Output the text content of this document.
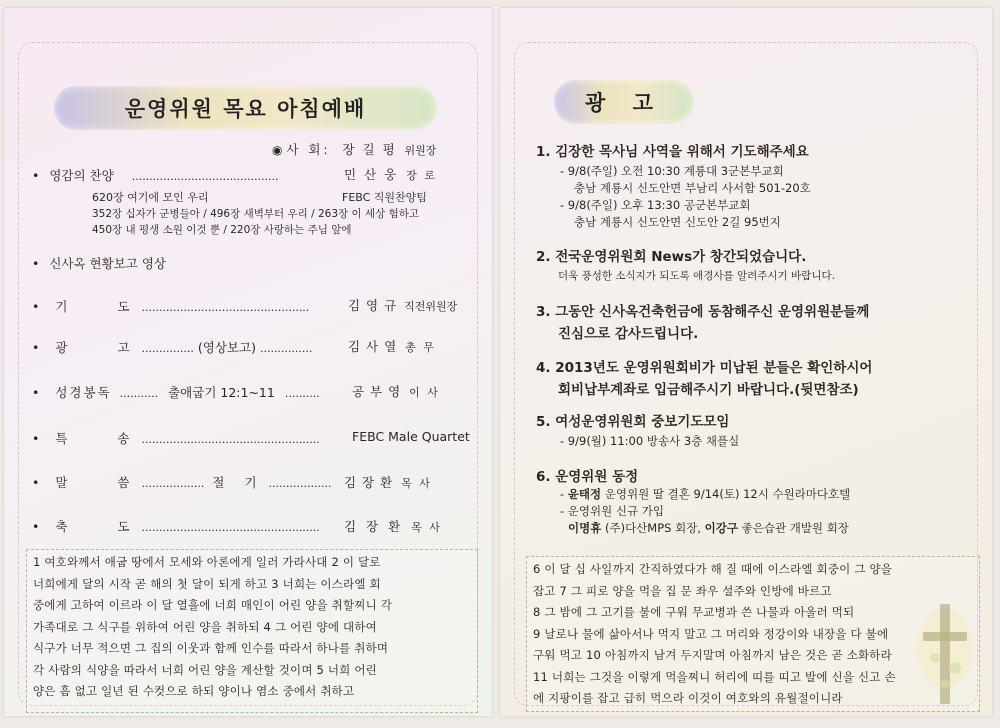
운영위원 목요 아침예배
◉ 사 회: 장 길 평 위원장
• 영감의 찬양 ..........................................	민 산 웅 장 로
620장 여기에 모인 우리	FEBC 직원찬양팀
352장 십자가 군병들아 / 496장 새벽부터 우리 / 263장 이 세상 험하고
450장 내 평생 소원 이것 뿐 / 220장 사랑하는 주님 앞에
• 신사옥 현황보고 영상
• 기 도 ................................................	김 영 규 직전위원장
• 광 고 ............... (영상보고) ...............	김 사 열 총 무
• 성경봉독 ........... 출애굽기 12:1~11 ..........	공 부 영 이 사
• 특 송 ...................................................	FEBC Male Quartet
• 말 씀 .................. 절 기 .................. 김 장 환 목 사
• 축 도 ................................................... 김 장 환 목 사

1 여호와께서 애굽 땅에서 모세와 아론에게 일러 가라사대 2 이 달로

너희에게 달의 시작 곧 해의 첫 달이 되게 하고 3 너희는 이스라엘 회

중에게 고하여 이르라 이 달 열흘에 너희 매인이 어린 양을 취할찌니 각

가족대로 그 식구를 위하여 어린 양을 취하되 4 그 어린 양에 대하여

식구가 너무 적으면 그 집의 이웃과 함께 인수를 따라서 하나를 취하며

각 사람의 식양을 따라서 너희 어린 양을 계산할 것이며 5 너희 어린

양은 흠 없고 일년 된 수컷으로 하되 양이나 염소 중에서 취하고

광 고
1. 김장한 목사님 사역을 위해서 기도해주세요
- 9/8(주일) 오전 10:30 계룡대 3군본부교회
충남 계룡시 신도안면 부남리 사서함 501-20호
- 9/8(주일) 오후 13:30 공군본부교회
충남 계룡시 신도안면 신도안 2길 95번지
2. 전국운영위원회 News가 창간되었습니다.
더욱 풍성한 소식지가 되도록 애경사를 알려주시기 바랍니다.
3. 그동안 신사옥건축헌금에 동참해주신 운영위원분들께
진심으로 감사드립니다.
4. 2013년도 운영위원회비가 미납된 분들은 확인하시어
회비납부계좌로 입금해주시기 바랍니다.(뒷면참조)
5. 여성운영위원회 중보기도모임
- 9/9(월) 11:00 방송사 3층 채플실
6. 운영위원 동정
- 윤태정 운영위원 딸 결혼 9/14(토) 12시 수원라마다호텔
- 운영위원 신규 가입
이명휴 (주)다산MPS 회장, 이강구 좋은습관 개발원 회장

6 이 달 십 사일까지 간직하였다가 해 질 때에 이스라엘 회중이 그 양을

잡고 7 그 피로 양을 먹을 집 문 좌우 설주와 인방에 바르고

8 그 밤에 그 고기를 불에 구워 무교병과 쓴 나물과 아울러 먹되

9 날로나 물에 삶아서나 먹지 말고 그 머리와 정강이와 내장을 다 불에

구워 먹고 10 아침까지 남겨 두지말며 아침까지 남은 것은 곧 소화하라

11 너희는 그것을 이렇게 먹을찌니 허리에 띠를 띠고 발에 신을 신고 손

에 지팡이를 잡고 급히 먹으라 이것이 여호와의 유월절이니라
